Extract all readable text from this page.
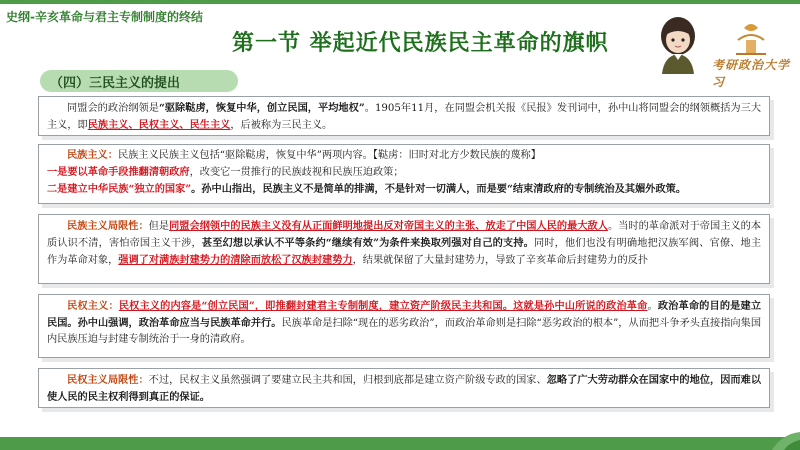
史纲-辛亥革命与君主专制制度的终结
第一节 举起近代民族民主革命的旗帜
考研政治大学习
（四）三民主义的提出
同盟会的政治纲领是“驱除鞑虏，恢复中华，创立民国，平均地权”。1905年11月，在同盟会机关报《民报》发刊词中，孙中山将同盟会的纲领概括为三大主义，即民族主义、民权主义、民生主义，后被称为三民主义。
民族主义：民族主义民族主义包括“驱除鞑虏，恢复中华”两项内容。【鞑虏：旧时对北方少数民族的蔑称】
一是要以革命手段推翻清朝政府，改变它一贯推行的民族歧视和民族压迫政策；
二是建立中华民族“独立的国家”。孙中山指出，民族主义不是简单的排满，不是针对一切满人，而是要“结束清政府的专制统治及其媚外政策。
民族主义局限性：但是同盟会纲领中的民族主义没有从正面鲜明地提出反对帝国主义的主张、放走了中国人民的最大敌人。当时的革命派对于帝国主义的本质认识不清，害怕帝国主义干涉，甚至幻想以承认不平等条约“继续有效”为条件来换取列强对自己的支持。同时，他们也没有明确地把汉族军阀、官僚、地主作为革命对象，强调了对满族封建势力的清除而放松了汉族封建势力，结果就保留了大量封建势力，导致了辛亥革命后封建势力的反扑
民权主义：民权主义的内容是“创立民国”，即推翻封建君主专制制度，建立资产阶级民主共和国。这就是孙中山所说的政治革命。政治革命的目的是建立民国。孙中山强调，政治革命应当与民族革命并行。民族革命是扫除“现在的恶劣政治”，而政治革命则是扫除“恶劣政治的根本”，从而把斗争矛头直接指向集国内民族压迫与封建专制统治于一身的清政府。
民权主义局限性：不过，民权主义虽然强调了要建立民主共和国，归根到底都是建立资产阶级专政的国家、忽略了广大劳动群众在国家中的地位，因而难以使人民的民主权利得到真正的保证。
